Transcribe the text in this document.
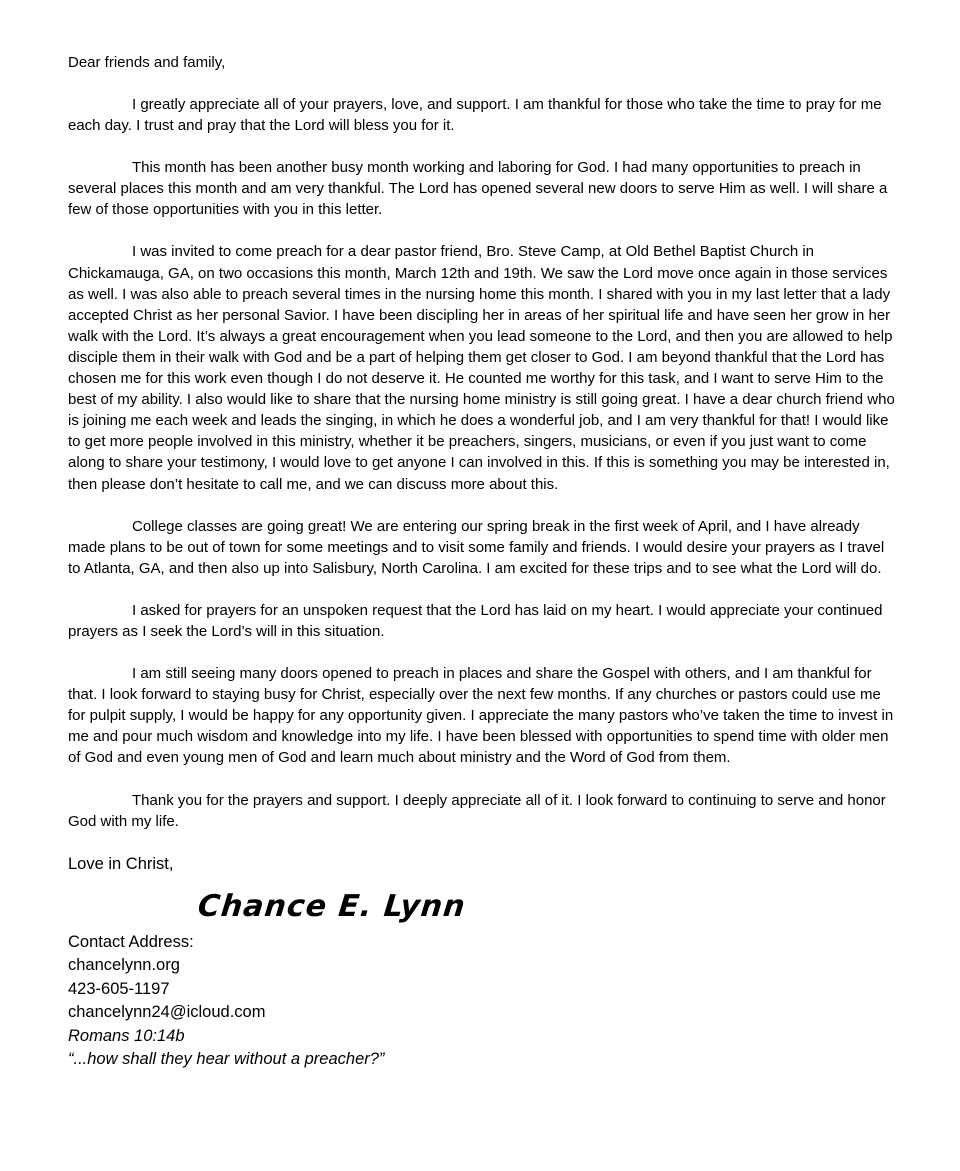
Dear friends and family,

I greatly appreciate all of your prayers, love, and support. I am thankful for those who take the time to pray for me each day. I trust and pray that the Lord will bless you for it.

This month has been another busy month working and laboring for God. I had many opportunities to preach in several places this month and am very thankful. The Lord has opened several new doors to serve Him as well. I will share a few of those opportunities with you in this letter.

I was invited to come preach for a dear pastor friend, Bro. Steve Camp, at Old Bethel Baptist Church in Chickamauga, GA, on two occasions this month, March 12th and 19th. We saw the Lord move once again in those services as well. I was also able to preach several times in the nursing home this month. I shared with you in my last letter that a lady accepted Christ as her personal Savior. I have been discipling her in areas of her spiritual life and have seen her grow in her walk with the Lord. It’s always a great encouragement when you lead someone to the Lord, and then you are allowed to help disciple them in their walk with God and be a part of helping them get closer to God. I am beyond thankful that the Lord has chosen me for this work even though I do not deserve it. He counted me worthy for this task, and I want to serve Him to the best of my ability. I also would like to share that the nursing home ministry is still going great. I have a dear church friend who is joining me each week and leads the singing, in which he does a wonderful job, and I am very thankful for that! I would like to get more people involved in this ministry, whether it be preachers, singers, musicians, or even if you just want to come along to share your testimony, I would love to get anyone I can involved in this. If this is something you may be interested in, then please don’t hesitate to call me, and we can discuss more about this.

College classes are going great! We are entering our spring break in the first week of April, and I have already made plans to be out of town for some meetings and to visit some family and friends. I would desire your prayers as I travel to Atlanta, GA, and then also up into Salisbury, North Carolina. I am excited for these trips and to see what the Lord will do.

I asked for prayers for an unspoken request that the Lord has laid on my heart. I would appreciate your continued prayers as I seek the Lord’s will in this situation.

I am still seeing many doors opened to preach in places and share the Gospel with others, and I am thankful for that. I look forward to staying busy for Christ, especially over the next few months. If any churches or pastors could use me for pulpit supply, I would be happy for any opportunity given. I appreciate the many pastors who’ve taken the time to invest in me and pour much wisdom and knowledge into my life. I have been blessed with opportunities to spend time with older men of God and even young men of God and learn much about ministry and the Word of God from them.

Thank you for the prayers and support. I deeply appreciate all of it. I look forward to continuing to serve and honor God with my life.

Love in Christ,
Chance E. Lynn
Contact Address:
chancelynn.org
423-605-1197
chancelynn24@icloud.com
Romans 10:14b
“...how shall they hear without a preacher?”
